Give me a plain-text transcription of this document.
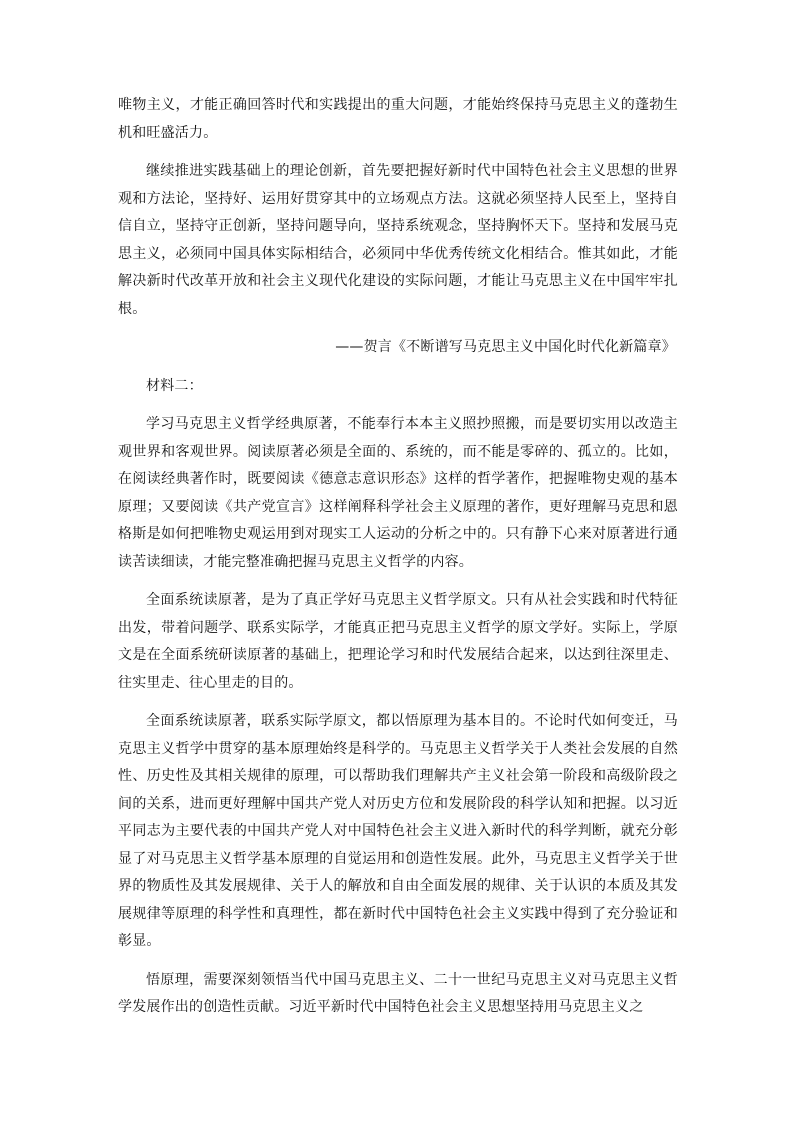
唯物主义，才能正确回答时代和实践提出的重大问题，才能始终保持马克思主义的蓬勃生机和旺盛活力。

继续推进实践基础上的理论创新，首先要把握好新时代中国特色社会主义思想的世界观和方法论，坚持好、运用好贯穿其中的立场观点方法。这就必须坚持人民至上，坚持自信自立，坚持守正创新，坚持问题导向，坚持系统观念，坚持胸怀天下。坚持和发展马克思主义，必须同中国具体实际相结合，必须同中华优秀传统文化相结合。惟其如此，才能解决新时代改革开放和社会主义现代化建设的实际问题，才能让马克思主义在中国牢牢扎根。

——贺言《不断谱写马克思主义中国化时代化新篇章》

材料二：

学习马克思主义哲学经典原著，不能奉行本本主义照抄照搬，而是要切实用以改造主观世界和客观世界。阅读原著必须是全面的、系统的，而不能是零碎的、孤立的。比如，在阅读经典著作时，既要阅读《德意志意识形态》这样的哲学著作，把握唯物史观的基本原理；又要阅读《共产党宣言》这样阐释科学社会主义原理的著作，更好理解马克思和恩格斯是如何把唯物史观运用到对现实工人运动的分析之中的。只有静下心来对原著进行通读苦读细读，才能完整准确把握马克思主义哲学的内容。

全面系统读原著，是为了真正学好马克思主义哲学原文。只有从社会实践和时代特征出发，带着问题学、联系实际学，才能真正把马克思主义哲学的原文学好。实际上，学原文是在全面系统研读原著的基础上，把理论学习和时代发展结合起来，以达到往深里走、往实里走、往心里走的目的。

全面系统读原著，联系实际学原文，都以悟原理为基本目的。不论时代如何变迁，马克思主义哲学中贯穿的基本原理始终是科学的。马克思主义哲学关于人类社会发展的自然性、历史性及其相关规律的原理，可以帮助我们理解共产主义社会第一阶段和高级阶段之间的关系，进而更好理解中国共产党人对历史方位和发展阶段的科学认知和把握。以习近平同志为主要代表的中国共产党人对中国特色社会主义进入新时代的科学判断，就充分彰显了对马克思主义哲学基本原理的自觉运用和创造性发展。此外，马克思主义哲学关于世界的物质性及其发展规律、关于人的解放和自由全面发展的规律、关于认识的本质及其发展规律等原理的科学性和真理性，都在新时代中国特色社会主义实践中得到了充分验证和彰显。

悟原理，需要深刻领悟当代中国马克思主义、二十一世纪马克思主义对马克思主义哲学发展作出的创造性贡献。习近平新时代中国特色社会主义思想坚持用马克思主义之
